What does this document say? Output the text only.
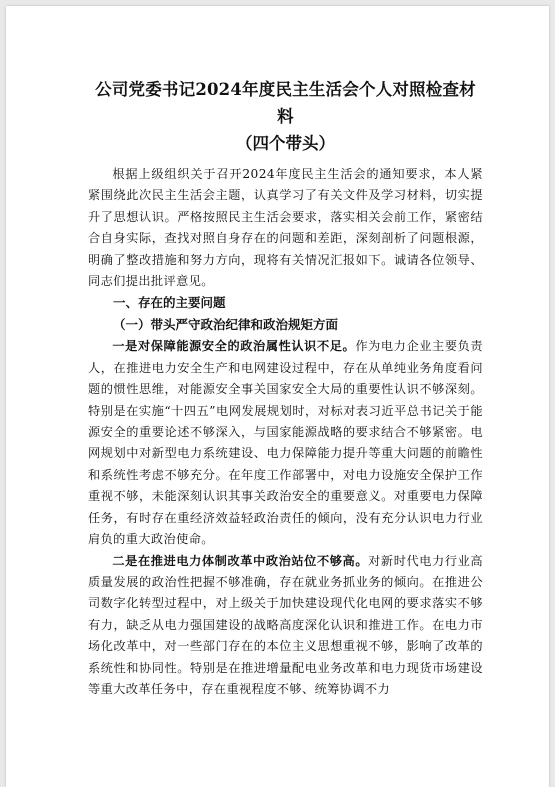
公司党委书记2024年度民主生活会个人对照检查材料

（四个带头）

根据上级组织关于召开2024年度民主生活会的通知要求，本人紧紧围绕此次民主生活会主题，认真学习了有关文件及学习材料，切实提升了思想认识。严格按照民主生活会要求，落实相关会前工作，紧密结合自身实际，查找对照自身存在的问题和差距，深刻剖析了问题根源，明确了整改措施和努力方向，现将有关情况汇报如下。诚请各位领导、同志们提出批评意见。

一、存在的主要问题

（一）带头严守政治纪律和政治规矩方面

一是对保障能源安全的政治属性认识不足。作为电力企业主要负责人，在推进电力安全生产和电网建设过程中，存在从单纯业务角度看问题的惯性思维，对能源安全事关国家安全大局的重要性认识不够深刻。特别是在实施“十四五”电网发展规划时，对标对表习近平总书记关于能源安全的重要论述不够深入，与国家能源战略的要求结合不够紧密。电网规划中对新型电力系统建设、电力保障能力提升等重大问题的前瞻性和系统性考虑不够充分。在年度工作部署中，对电力设施安全保护工作重视不够，未能深刻认识其事关政治安全的重要意义。对重要电力保障任务，有时存在重经济效益轻政治责任的倾向，没有充分认识电力行业肩负的重大政治使命。

二是在推进电力体制改革中政治站位不够高。对新时代电力行业高质量发展的政治性把握不够准确，存在就业务抓业务的倾向。在推进公司数字化转型过程中，对上级关于加快建设现代化电网的要求落实不够有力，缺乏从电力强国建设的战略高度深化认识和推进工作。在电力市场化改革中，对一些部门存在的本位主义思想重视不够，影响了改革的系统性和协同性。特别是在推进增量配电业务改革和电力现货市场建设等重大改革任务中，存在重视程度不够、统筹协调不力
